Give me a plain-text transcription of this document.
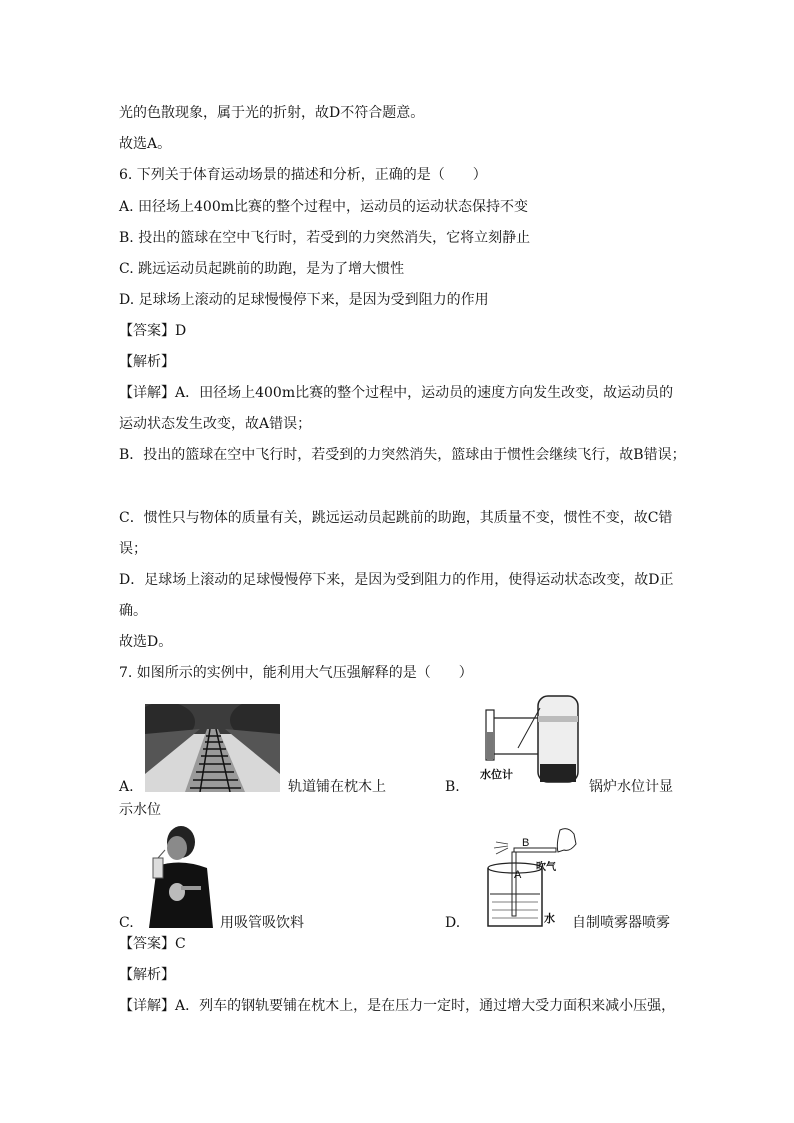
光的色散现象，属于光的折射，故D不符合题意。
故选A。
6. 下列关于体育运动场景的描述和分析，正确的是（　　）
A. 田径场上400m比赛的整个过程中，运动员的运动状态保持不变
B. 投出的篮球在空中飞行时，若受到的力突然消失，它将立刻静止
C. 跳远运动员起跳前的助跑，是为了增大惯性
D. 足球场上滚动的足球慢慢停下来，是因为受到阻力的作用
【答案】D
【解析】
【详解】A．田径场上400m比赛的整个过程中，运动员的速度方向发生改变，故运动员的
运动状态发生改变，故A错误；
B．投出的篮球在空中飞行时，若受到的力突然消失，篮球由于惯性会继续飞行，故B错误；
C．惯性只与物体的质量有关，跳远运动员起跳前的助跑，其质量不变，惯性不变，故C错
误；
D．足球场上滚动的足球慢慢停下来，是因为受到阻力的作用，使得运动状态改变，故D正
确。
故选D。
7. 如图所示的实例中，能利用大气压强解释的是（　　）
A.	轨道铺在枕木上
水位计
B.	锅炉水位计显
示水位
C.	用吸管吸饮料
B
A
吹气
水
D.	自制喷雾器喷雾
【答案】C
【解析】
【详解】A．列车的钢轨要铺在枕木上，是在压力一定时，通过增大受力面积来减小压强，
